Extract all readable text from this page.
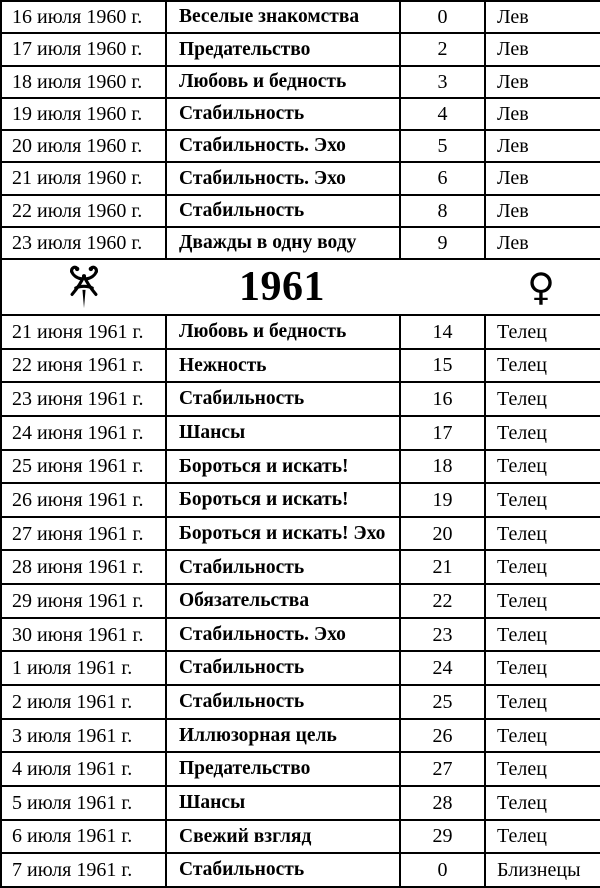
16 июля 1960 г.	Веселые знакомства	0	Лев
17 июля 1960 г.	Предательство	2	Лев
18 июля 1960 г.	Любовь и бедность	3	Лев
19 июля 1960 г.	Стабильность	4	Лев
20 июля 1960 г.	Стабильность. Эхо	5	Лев
21 июля 1960 г.	Стабильность. Эхо	6	Лев
22 июля 1960 г.	Стабильность	8	Лев
23 июля 1960 г.	Дважды в одну воду	9	Лев

1961 ♀			

21 июня 1961 г.	Любовь и бедность	14	Телец
22 июня 1961 г.	Нежность	15	Телец
23 июня 1961 г.	Стабильность	16	Телец
24 июня 1961 г.	Шансы	17	Телец
25 июня 1961 г.	Бороться и искать!	18	Телец
26 июня 1961 г.	Бороться и искать!	19	Телец
27 июня 1961 г.	Бороться и искать! Эхо	20	Телец
28 июня 1961 г.	Стабильность	21	Телец
29 июня 1961 г.	Обязательства	22	Телец
30 июня 1961 г.	Стабильность. Эхо	23	Телец
1 июля 1961 г.	Стабильность	24	Телец
2 июля 1961 г.	Стабильность	25	Телец
3 июля 1961 г.	Иллюзорная цель	26	Телец
4 июля 1961 г.	Предательство	27	Телец
5 июля 1961 г.	Шансы	28	Телец
6 июля 1961 г.	Свежий взгляд	29	Телец
7 июля 1961 г.	Стабильность	0	Близнецы
